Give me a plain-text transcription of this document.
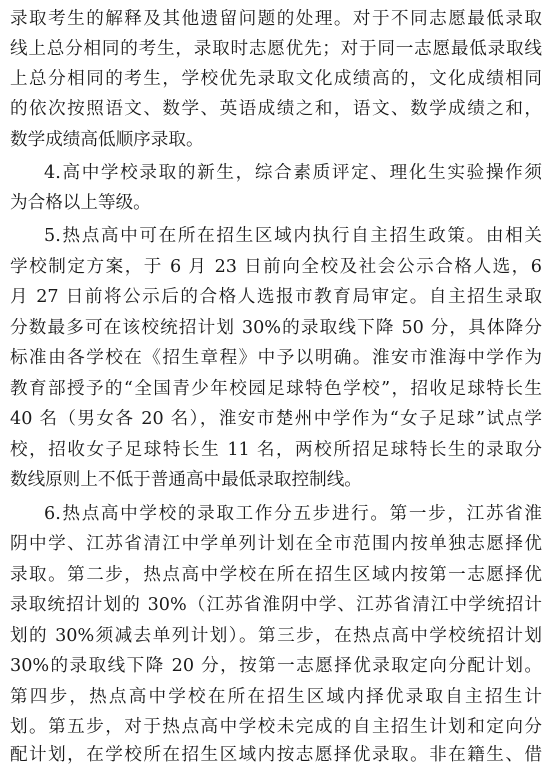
录取考生的解释及其他遗留问题的处理。对于不同志愿最低录取
线上总分相同的考生，录取时志愿优先；对于同一志愿最低录取线
上总分相同的考生，学校优先录取文化成绩高的，文化成绩相同
的依次按照语文、数学、英语成绩之和，语文、数学成绩之和，
数学成绩高低顺序录取。
4.高中学校录取的新生，综合素质评定、理化生实验操作须
为合格以上等级。
5.热点高中可在所在招生区域内执行自主招生政策。由相关
学校制定方案，于 6 月 23 日前向全校及社会公示合格人选，6
月 27 日前将公示后的合格人选报市教育局审定。自主招生录取
分数最多可在该校统招计划 30%的录取线下降 50 分，具体降分
标准由各学校在《招生章程》中予以明确。淮安市淮海中学作为
教育部授予的“全国青少年校园足球特色学校”，招收足球特长生
40 名（男女各 20 名），淮安市楚州中学作为“女子足球”试点学
校，招收女子足球特长生 11 名，两校所招足球特长生的录取分
数线原则上不低于普通高中最低录取控制线。
6.热点高中学校的录取工作分五步进行。第一步，江苏省淮
阴中学、江苏省清江中学单列计划在全市范围内按单独志愿择优
录取。第二步，热点高中学校在所在招生区域内按第一志愿择优
录取统招计划的 30%（江苏省淮阴中学、江苏省清江中学统招计
划的 30%须减去单列计划）。第三步，在热点高中学校统招计划
30%的录取线下降 20 分，按第一志愿择优录取定向分配计划。
第四步，热点高中学校在所在招生区域内择优录取自主招生计
划。第五步，对于热点高中学校未完成的自主招生计划和定向分
配计划，在学校所在招生区域内按志愿择优录取。非在籍生、借
